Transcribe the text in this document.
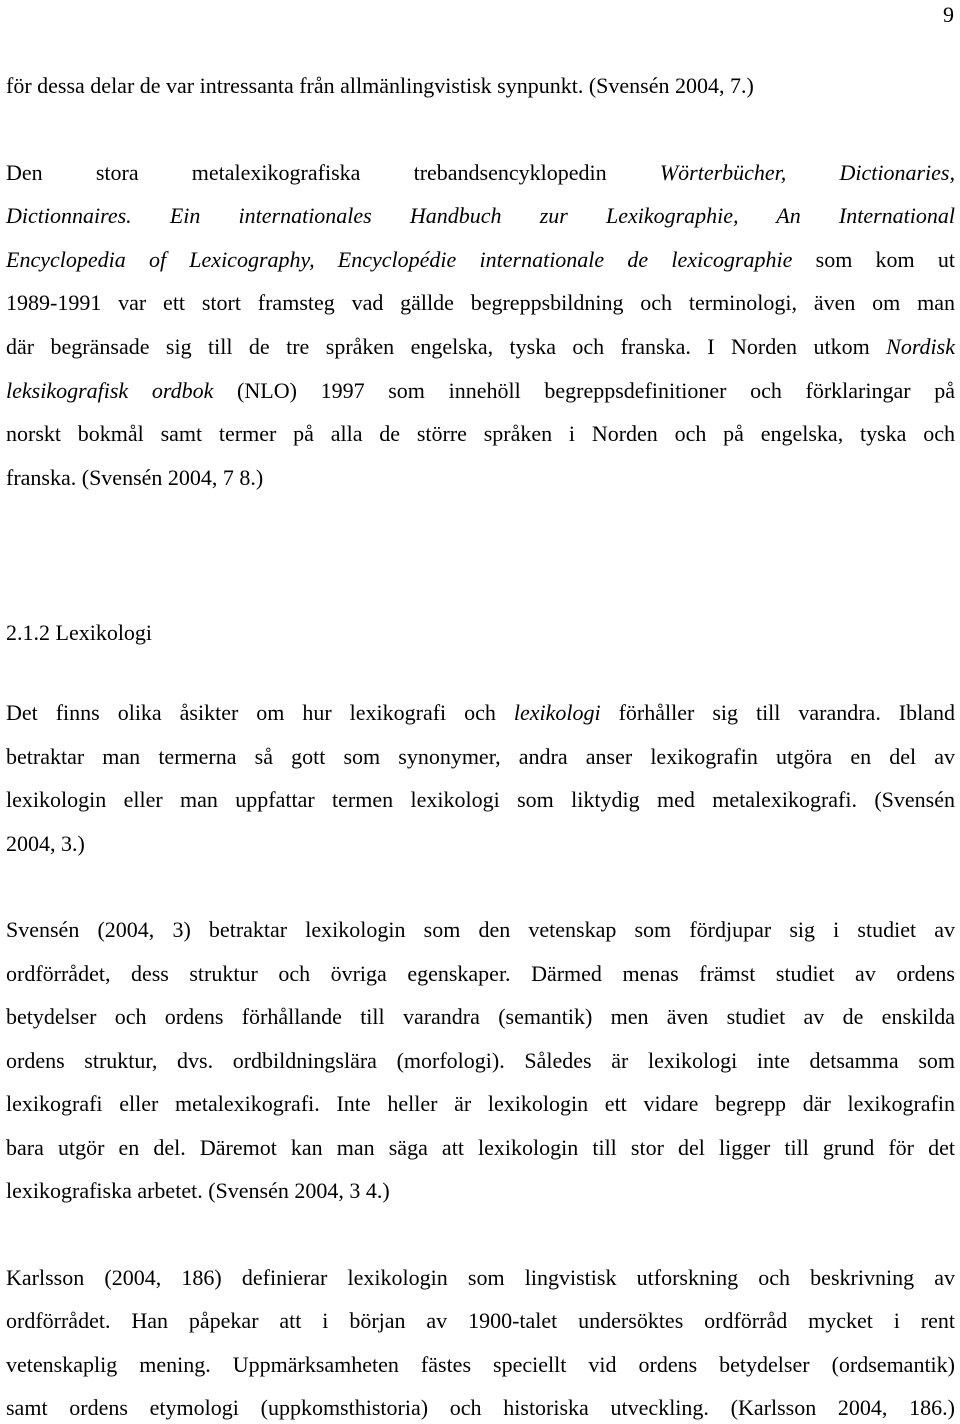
9
för dessa delar de var intressanta från allmänlingvistisk synpunkt. (Svensén 2004, 7.)
Den stora metalexikografiska trebandsencyklopedin Wörterbücher, Dictionaries,
Dictionnaires. Ein internationales Handbuch zur Lexikographie, An International
Encyclopedia of Lexicography, Encyclopédie internationale de lexicographie som kom ut
1989-1991 var ett stort framsteg vad gällde begreppsbildning och terminologi, även om man
där begränsade sig till de tre språken engelska, tyska och franska. I Norden utkom Nordisk
leksikografisk ordbok (NLO) 1997 som innehöll begreppsdefinitioner och förklaringar på
norskt bokmål samt termer på alla de större språken i Norden och på engelska, tyska och
franska. (Svensén 2004, 7 8.)
2.1.2 Lexikologi
Det finns olika åsikter om hur lexikografi och lexikologi förhåller sig till varandra. Ibland
betraktar man termerna så gott som synonymer, andra anser lexikografin utgöra en del av
lexikologin eller man uppfattar termen lexikologi som liktydig med metalexikografi. (Svensén
2004, 3.)
Svensén (2004, 3) betraktar lexikologin som den vetenskap som fördjupar sig i studiet av
ordförrådet, dess struktur och övriga egenskaper. Därmed menas främst studiet av ordens
betydelser och ordens förhållande till varandra (semantik) men även studiet av de enskilda
ordens struktur, dvs. ordbildningslära (morfologi). Således är lexikologi inte detsamma som
lexikografi eller metalexikografi. Inte heller är lexikologin ett vidare begrepp där lexikografin
bara utgör en del. Däremot kan man säga att lexikologin till stor del ligger till grund för det
lexikografiska arbetet. (Svensén 2004, 3 4.)
Karlsson (2004, 186) definierar lexikologin som lingvistisk utforskning och beskrivning av
ordförrådet. Han påpekar att i början av 1900-talet undersöktes ordförråd mycket i rent
vetenskaplig mening. Uppmärksamheten fästes speciellt vid ordens betydelser (ordsemantik)
samt ordens etymologi (uppkomsthistoria) och historiska utveckling. (Karlsson 2004, 186.)
